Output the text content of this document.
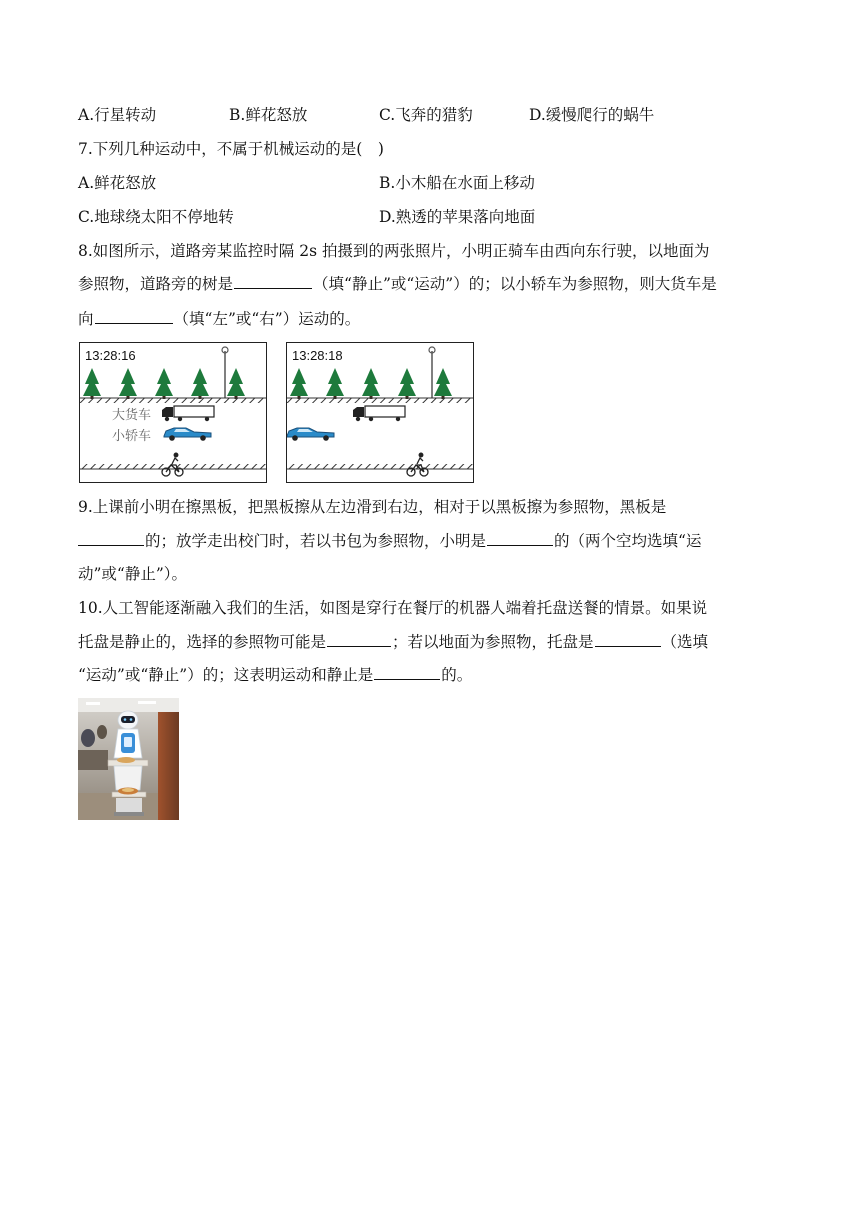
A.行星转动	B.鲜花怒放	C.飞奔的猎豹	D.缓慢爬行的蜗牛
7.下列几种运动中，不属于机械运动的是(　)
A.鲜花怒放	B.小木船在水面上移动
C.地球绕太阳不停地转	D.熟透的苹果落向地面
8.如图所示，道路旁某监控时隔 2s 拍摄到的两张照片，小明正骑车由西向东行驶，以地面为
参照物，道路旁的树是	（填“静止”或“运动”）的；以小轿车为参照物，则大货车是
向	（填“左”或“右”）运动的。
13:28:16
大货车
小轿车
13:28:18
9.上课前小明在擦黑板，把黑板擦从左边滑到右边，相对于以黑板擦为参照物，黑板是
的；放学走出校门时，若以书包为参照物，小明是	的（两个空均选填“运
动”或“静止”）。
10.人工智能逐渐融入我们的生活，如图是穿行在餐厅的机器人端着托盘送餐的情景。如果说
托盘是静止的，选择的参照物可能是	；若以地面为参照物，托盘是	（选填
“运动”或“静止”）的；这表明运动和静止是	的。
